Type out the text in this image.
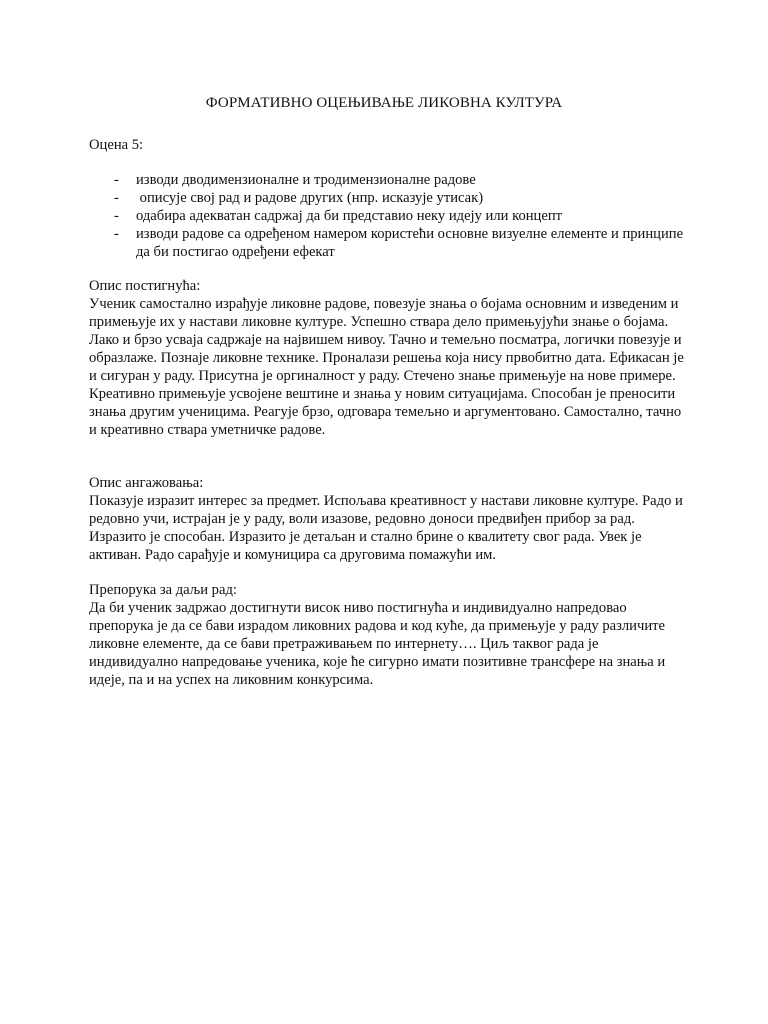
ФОРМАТИВНО ОЦЕЊИВАЊЕ ЛИКОВНА КУЛТУРА
Оцена 5:
- изводи дводимензионалне и тродимензионалне радове
- описује свој рад и радове других (нпр. исказује утисак)
- одабира адекватан садржај да би представио неку идеју или концепт
- изводи радове са одређеном намером користећи основне визуелне елементе и принципе да би постигао одређени ефекат
Опис постигнућа:
Ученик самостално израђује ликовне радове, повезује знања о бојама основним и изведеним и примењује их у настави ликовне културе. Успешно ствара дело примењујући знање о бојама. Лако и брзо усваја садржаје на највишем нивоу. Тачно и темељно посматра, логички повезује и образлаже. Познаје ликовне технике. Проналази решења која нису првобитно дата. Ефикасан је и сигуран у раду. Присутна је оргиналност у раду. Стечено знање примењује на нове примере. Креативно примењује усвојене вештине и знања у новим ситуацијама. Способан је преносити знања другим ученицима. Реагује брзо, одговара темељно и аргументовано. Самостално, тачно и креативно ствара уметничке радове.
Опис ангажовања:
Показује изразит интерес за предмет. Испољава креативност у настави ликовне културе. Радо и редовно учи, истрајан је у раду, воли изазове, редовно доноси предвиђен прибор за рад. Изразито је способан. Изразито је детаљан и стално брине о квалитету свог рада. Увек је активан. Радо сарађује и комуницира са друговима помажући им.
Препорука за даљи рад:
Да би ученик задржао достигнути висок ниво постигнућа и индивидуално напредовао препорука је да се бави израдом ликовних радова и код куће, да примењује у раду различите ликовне елементе, да се бави претраживањем по интернету…. Циљ таквог рада је индивидуално напредовање ученика, које ће сигурно имати позитивне трансфере на знања и идеје, па и на успех на ликовним конкурсима.
